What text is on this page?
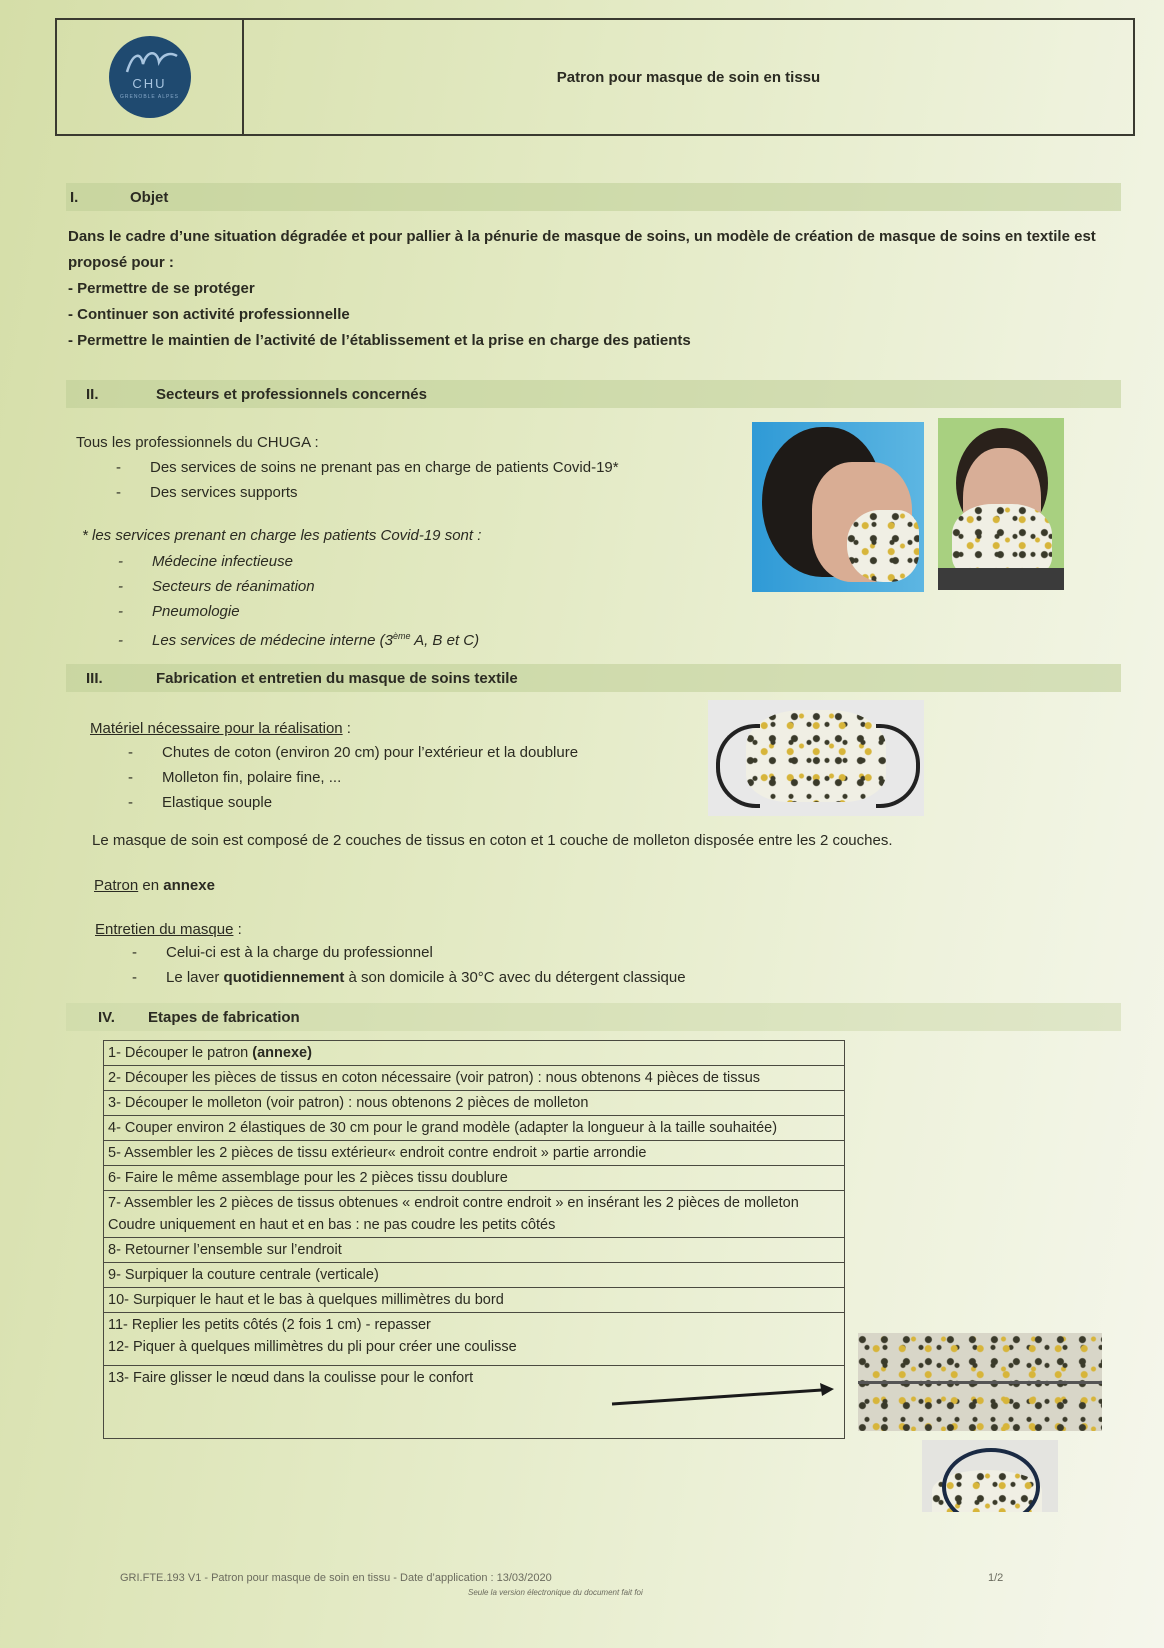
CHU
GRENOBLE ALPES
Patron pour masque de soin en tissu
I.	Objet
Dans le cadre d’une situation dégradée et pour pallier à la pénurie de masque de soins, un modèle de création de masque de soins en textile est proposé pour :
- Permettre de se protéger
- Continuer son activité professionnelle
- Permettre le maintien de l’activité de l’établissement et la prise en charge des patients
II.	Secteurs et professionnels concernés
Tous les professionnels du CHUGA :
- Des services de soins ne prenant pas en charge de patients Covid-19*
- Des services supports
* les services prenant en charge les patients Covid-19 sont :
- Médecine infectieuse
- Secteurs de réanimation
- Pneumologie
- Les services de médecine interne (3ème A, B et C)
III.	Fabrication et entretien du masque de soins textile
Matériel nécessaire pour la réalisation :
- Chutes de coton (environ 20 cm) pour l’extérieur et la doublure
- Molleton fin, polaire fine, ...
- Elastique souple
Le masque de soin est composé de 2 couches de tissus en coton et 1 couche de molleton disposée entre les 2 couches.
Patron en annexe
Entretien du masque :
- Celui-ci est à la charge du professionnel
- Le laver quotidiennement à son domicile à 30°C avec du détergent classique
IV.	Etapes de fabrication
1- Découper le patron (annexe)
2- Découper les pièces de tissus en coton nécessaire (voir patron) : nous obtenons 4 pièces de tissus
3- Découper le molleton (voir patron) : nous obtenons 2 pièces de molleton
4- Couper environ 2 élastiques de 30 cm pour le grand modèle (adapter la longueur à la taille souhaitée)
5- Assembler les 2 pièces de tissu extérieur« endroit contre endroit » partie arrondie
6- Faire le même assemblage pour les 2 pièces tissu doublure

7- Assembler les 2 pièces de tissus obtenues « endroit contre endroit » en insérant les 2 pièces de molleton
Coudre uniquement en haut et en bas : ne pas coudre les petits côtés

8- Retourner l’ensemble sur l’endroit
9- Surpiquer la couture centrale (verticale)
10- Surpiquer le haut et le bas à quelques millimètres du bord

11- Replier les petits côtés (2 fois 1 cm) - repasser
12- Piquer à quelques millimètres du pli pour créer une coulisse

13- Faire glisser le nœud dans la coulisse pour le confort
GRI.FTE.193 V1 - Patron pour masque de soin en tissu - Date d’application : 13/03/2020	1/2
Seule la version électronique du document fait foi
